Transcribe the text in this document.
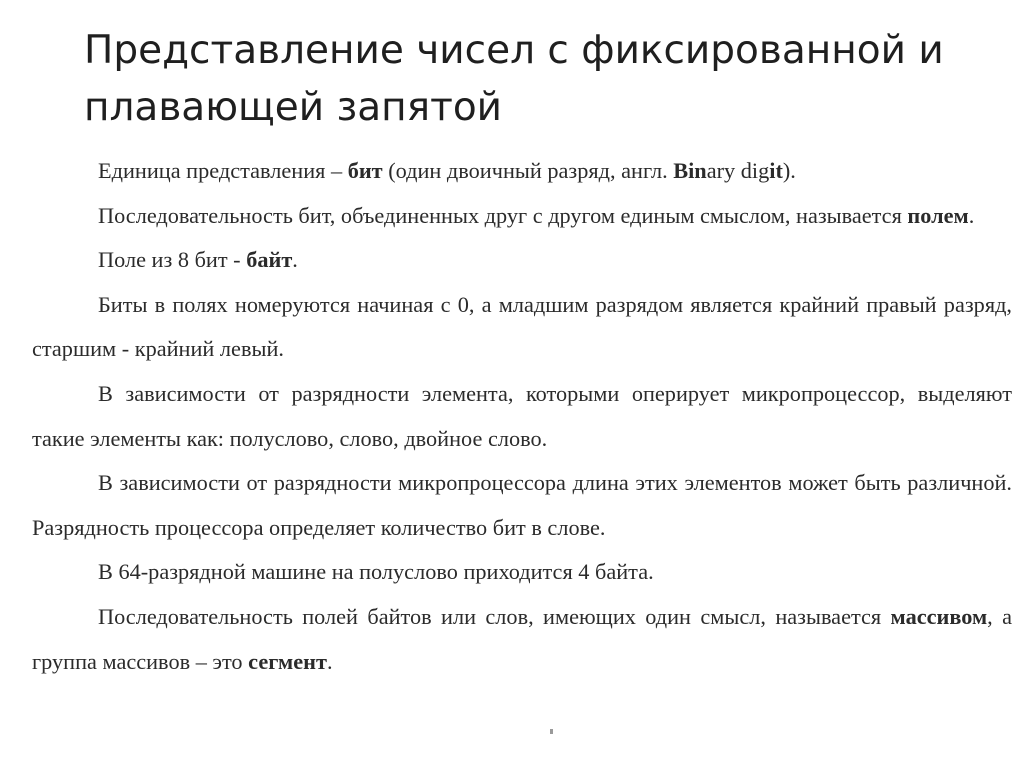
Представление чисел с фиксированной и плавающей запятой

Единица представления – бит (один двоичный разряд, англ. Binary digit).

Последовательность бит, объединенных друг с другом единым смыслом, называется полем.

Поле из 8 бит - байт.

Биты в полях номеруются начиная с 0, а младшим разрядом является крайний правый разряд, старшим - крайний левый.

В зависимости от разрядности элемента, которыми оперирует микропроцессор, выделяют такие элементы как: полуслово, слово, двойное слово.

В зависимости от разрядности микропроцессора длина этих элементов может быть различной. Разрядность процессора определяет количество бит в слове.

В 64-разрядной машине на полуслово приходится 4 байта.

Последовательность полей байтов или слов, имеющих один смысл, называется массивом, а группа массивов – это сегмент.
